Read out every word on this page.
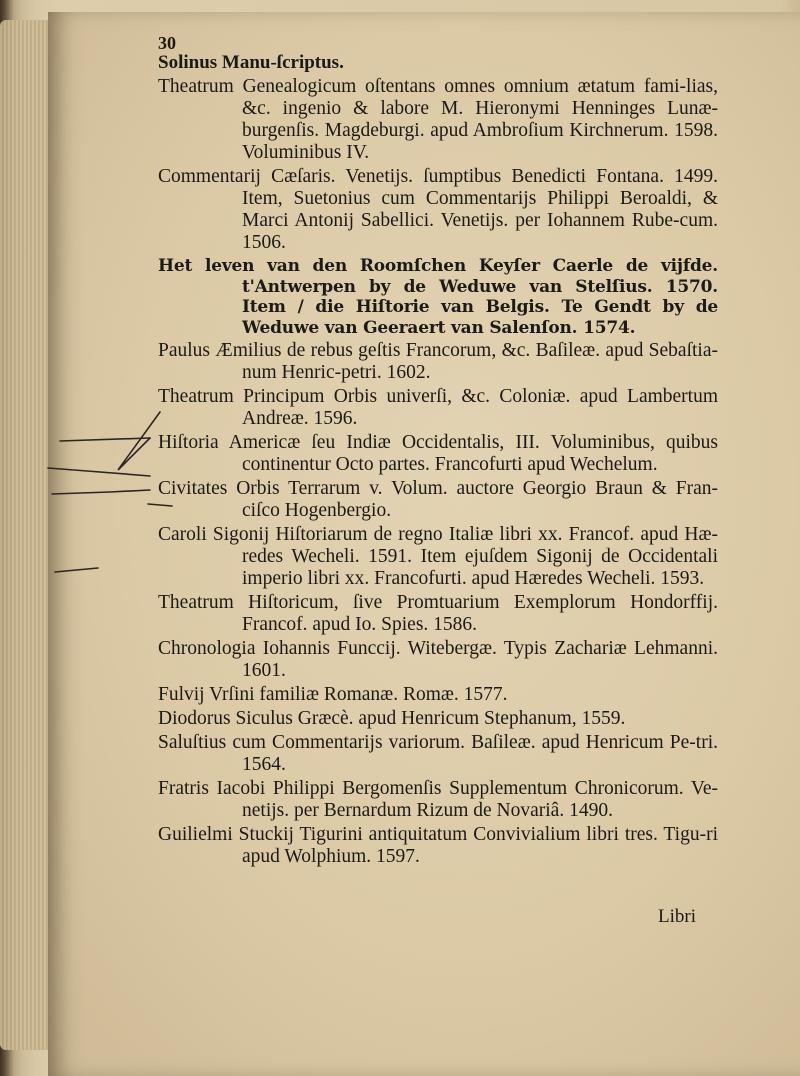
30
Solinus Manu-ſcriptus.

Theatrum Genealogicum oſtentans omnes omnium ætatum fami-lias, &c. ingenio & labore M. Hieronymi Henninges Lunæ-burgenſis. Magdeburgi. apud Ambroſium Kirchnerum. 1598. Voluminibus IV.

Commentarij Cæſaris. Venetijs. ſumptibus Benedicti Fontana. 1499. Item, Suetonius cum Commentarijs Philippi Beroaldi, & Marci Antonij Sabellici. Venetijs. per Iohannem Rube-cum. 1506.

Het leven van den Roomſchen Keyſer Caerle de vijfde. t'Antwerpen by de Weduwe van Stelſius. 1570. Item / die Hiſtorie van Belgis. Te Gendt by de Weduwe van Geeraert van Salenſon. 1574.

Paulus Æmilius de rebus geſtis Francorum, &c. Baſileæ. apud Sebaſtia-num Henric-petri. 1602.

Theatrum Principum Orbis univerſi, &c. Coloniæ. apud Lambertum Andreæ. 1596.

Hiſtoria Americæ ſeu Indiæ Occidentalis, III. Voluminibus, quibus continentur Octo partes. Francofurti apud Wechelum.

Civitates Orbis Terrarum v. Volum. auctore Georgio Braun & Fran-ciſco Hogenbergio.

Caroli Sigonij Hiſtoriarum de regno Italiæ libri xx. Francof. apud Hæ-redes Wecheli. 1591. Item ejuſdem Sigonij de Occidentali imperio libri xx. Francofurti. apud Hæredes Wecheli. 1593.

Theatrum Hiſtoricum, ſive Promtuarium Exemplorum Hondorffij. Francof. apud Io. Spies. 1586.

Chronologia Iohannis Funccij. Witebergæ. Typis Zachariæ Lehmanni. 1601.

Fulvij Vrſini familiæ Romanæ. Romæ. 1577.

Diodorus Siculus Græcè. apud Henricum Stephanum, 1559.

Saluſtius cum Commentarijs variorum. Baſileæ. apud Henricum Pe-tri. 1564.

Fratris Iacobi Philippi Bergomenſis Supplementum Chronicorum. Ve-netijs. per Bernardum Rizum de Novariâ. 1490.

Guilielmi Stuckij Tigurini antiquitatum Convivialium libri tres. Tigu-ri apud Wolphium. 1597.

Libri
